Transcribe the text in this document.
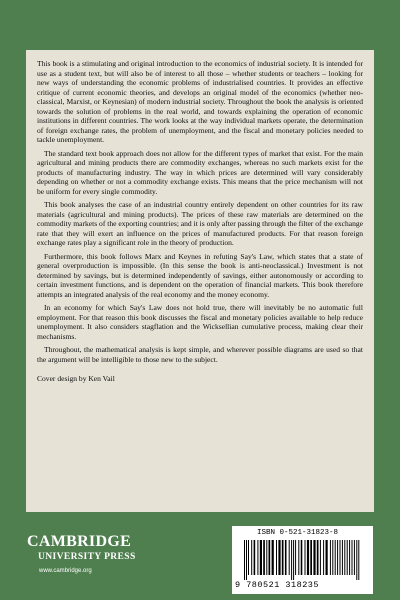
This book is a stimulating and original introduction to the economics of industrial society. It is intended for use as a student text, but will also be of interest to all those – whether students or teachers – looking for new ways of understanding the economic problems of industrialised countries. It provides an effective critique of current economic theories, and develops an original model of the economics (whether neo-classical, Marxist, or Keynesian) of modern industrial society. Throughout the book the analysis is oriented towards the solution of problems in the real world, and towards explaining the operation of economic institutions in different countries. The work looks at the way individual markets operate, the determination of foreign exchange rates, the problem of unemployment, and the fiscal and monetary policies needed to tackle unemployment.

The standard text book approach does not allow for the different types of market that exist. For the main agricultural and mining products there are commodity exchanges, whereas no such markets exist for the products of manufacturing industry. The way in which prices are determined will vary considerably depending on whether or not a commodity exchange exists. This means that the price mechanism will not be uniform for every single commodity.

This book analyses the case of an industrial country entirely dependent on other countries for its raw materials (agricultural and mining products). The prices of these raw materials are determined on the commodity markets of the exporting countries; and it is only after passing through the filter of the exchange rate that they will exert an influence on the prices of manufactured products. For that reason foreign exchange rates play a significant role in the theory of production.

Furthermore, this book follows Marx and Keynes in refuting Say's Law, which states that a state of general overproduction is impossible. (In this sense the book is anti-neoclassical.) Investment is not determined by savings, but is determined independently of savings, either autonomously or according to certain investment functions, and is dependent on the operation of financial markets. This book therefore attempts an integrated analysis of the real economy and the money economy.

In an economy for which Say's Law does not hold true, there will inevitably be no automatic full employment. For that reason this book discusses the fiscal and monetary policies available to help reduce unemployment. It also considers stagflation and the Wicksellian cumulative process, making clear their mechanisms.

Throughout, the mathematical analysis is kept simple, and wherever possible diagrams are used so that the argument will be intelligible to those new to the subject.

Cover design by Ken Vail

CAMBRIDGE
UNIVERSITY PRESS
www.cambridge.org
ISBN 0-521-31823-8
9 780521 318235
